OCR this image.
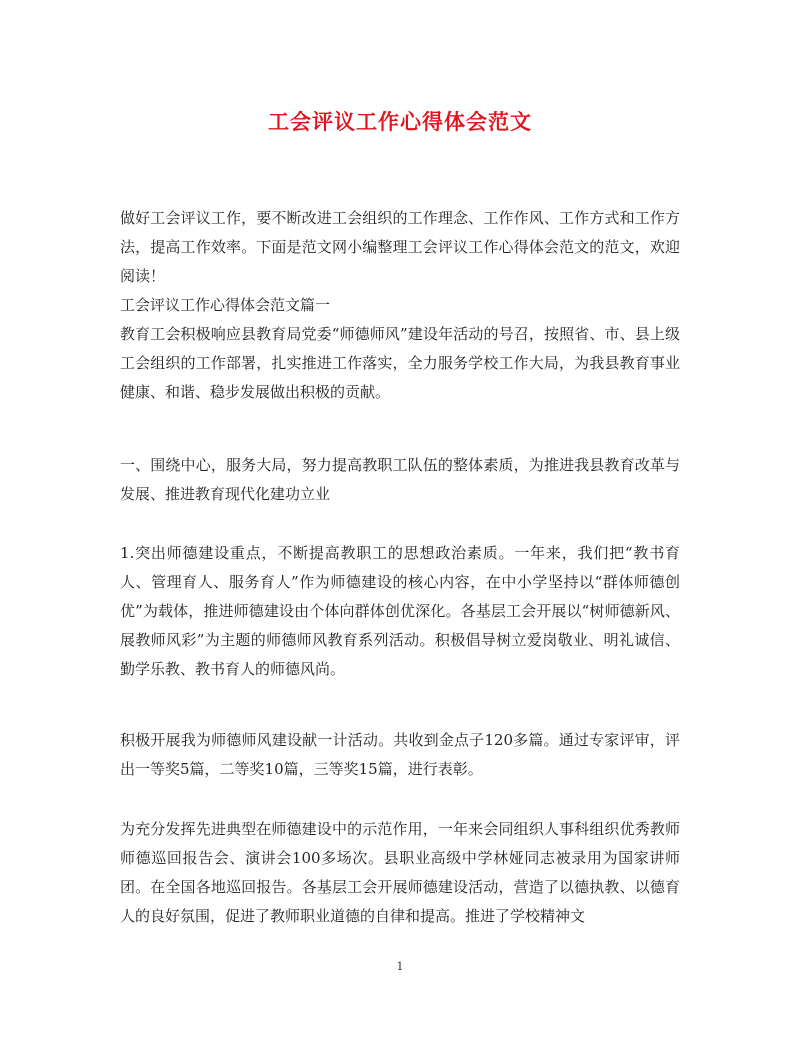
工会评议工作心得体会范文
做好工会评议工作，要不断改进工会组织的工作理念、工作作风、工作方式和工作方法，提高工作效率。下面是范文网小编整理工会评议工作心得体会范文的范文，欢迎阅读！
工会评议工作心得体会范文篇一
教育工会积极响应县教育局党委“师德师风”建设年活动的号召，按照省、市、县上级工会组织的工作部署，扎实推进工作落实，全力服务学校工作大局，为我县教育事业健康、和谐、稳步发展做出积极的贡献。
一、围绕中心，服务大局，努力提高教职工队伍的整体素质，为推进我县教育改革与发展、推进教育现代化建功立业
1.突出师德建设重点，不断提高教职工的思想政治素质。一年来，我们把“教书育人、管理育人、服务育人”作为师德建设的核心内容，在中小学坚持以“群体师德创优”为载体，推进师德建设由个体向群体创优深化。各基层工会开展以“树师德新风、展教师风彩”为主题的师德师风教育系列活动。积极倡导树立爱岗敬业、明礼诚信、勤学乐教、教书育人的师德风尚。
积极开展我为师德师风建设献一计活动。共收到金点子120多篇。通过专家评审，评出一等奖5篇，二等奖10篇，三等奖15篇，进行表彰。
为充分发挥先进典型在师德建设中的示范作用，一年来会同组织人事科组织优秀教师师德巡回报告会、演讲会100多场次。县职业高级中学林娅同志被录用为国家讲师团。在全国各地巡回报告。各基层工会开展师德建设活动，营造了以德执教、以德育人的良好氛围，促进了教师职业道德的自律和提高。推进了学校精神文
1
